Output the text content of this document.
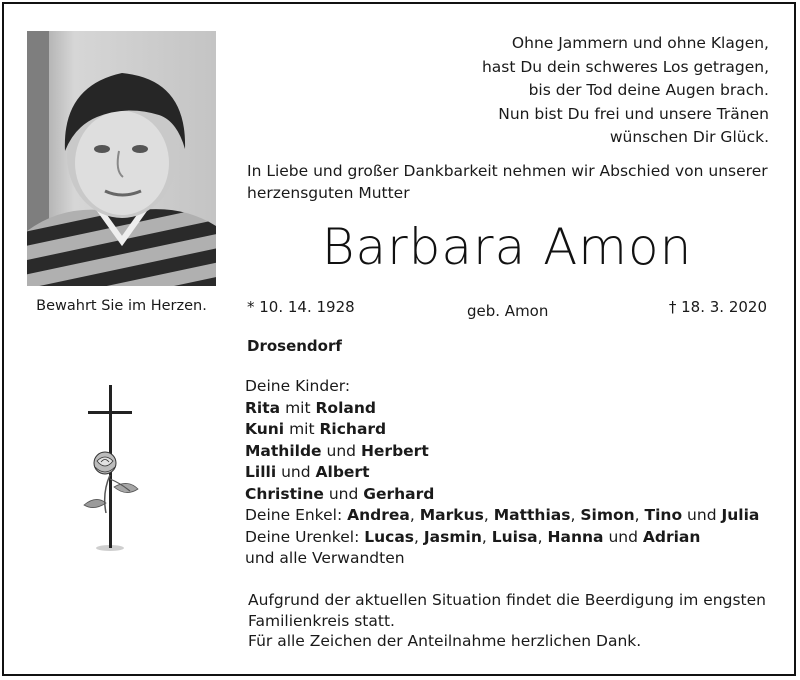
Bewahrt Sie im Herzen.
Ohne Jammern und ohne Klagen,
hast Du dein schweres Los getragen,
bis der Tod deine Augen brach.
Nun bist Du frei und unsere Tränen
wünschen Dir Glück.
In Liebe und großer Dankbarkeit nehmen wir Abschied von unserer
herzensguten Mutter
Barbara Amon
* 10. 14. 1928	geb. Amon	† 18. 3. 2020
Drosendorf
Deine Kinder:
Rita mit Roland
Kuni mit Richard
Mathilde und Herbert
Lilli und Albert
Christine und Gerhard
Deine Enkel: Andrea, Markus, Matthias, Simon, Tino und Julia
Deine Urenkel: Lucas, Jasmin, Luisa, Hanna und Adrian
und alle Verwandten
Aufgrund der aktuellen Situation findet die Beerdigung im engsten
Familienkreis statt.
Für alle Zeichen der Anteilnahme herzlichen Dank.
